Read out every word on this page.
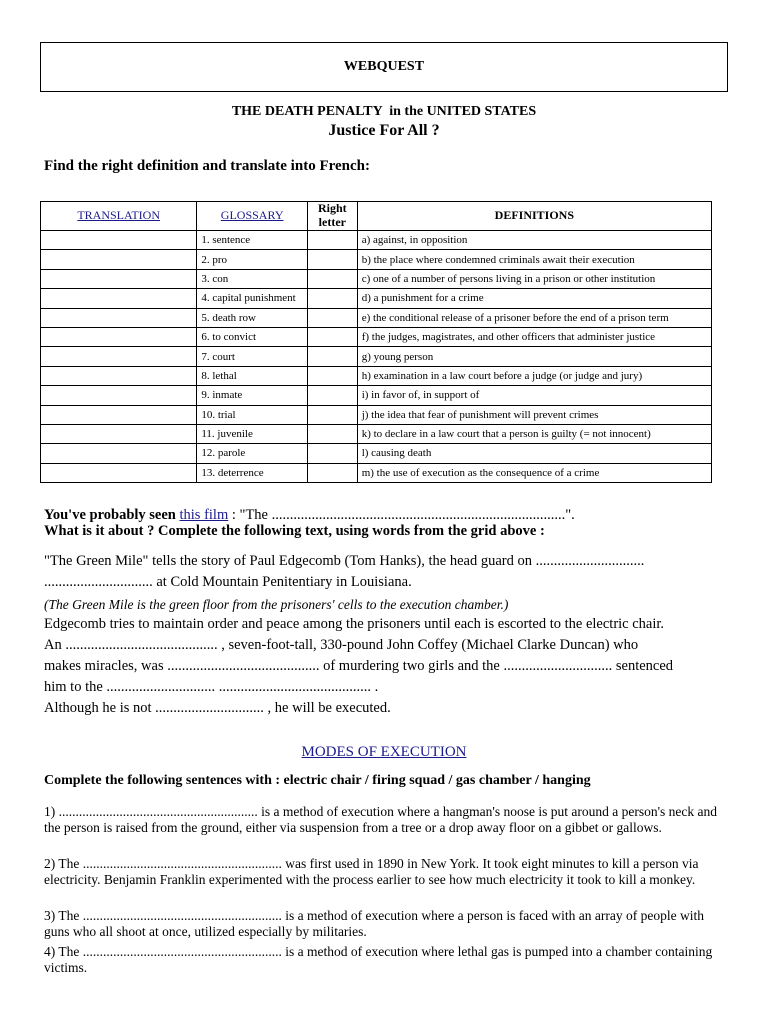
WEBQUEST
THE DEATH PENALTY  in the UNITED STATES
Justice For All ?
Find the right definition and translate into French:
TRANSLATION	GLOSSARY	Right letter	DEFINITIONS
	1. sentence		a) against, in opposition
	2. pro		b) the place where condemned criminals await their execution
	3. con		c) one of a number of persons living in a prison or other institution
	4. capital punishment		d) a punishment for a crime
	5. death row		e) the conditional release of a prisoner before the end of a prison term
	6. to convict		f) the judges, magistrates, and other officers that administer justice
	7. court		g) young person
	8. lethal		h) examination in a law court before a judge (or judge and jury)
	9. inmate		i) in favor of, in support of
	10. trial		j) the idea that fear of punishment will prevent crimes
	11. juvenile		k) to declare in a law court that a person is guilty (= not innocent)
	12. parole		l) causing death
	13. deterrence		m) the use of execution as the consequence of a crime
You've probably seen this film : "The .................................................................................".
What is it about ? Complete the following text, using words from the grid above :
"The Green Mile" tells the story of Paul Edgecomb (Tom Hanks), the head guard on ..............................
.............................. at Cold Mountain Penitentiary in Louisiana.
(The Green Mile is the green floor from the prisoners' cells to the execution chamber.)
Edgecomb tries to maintain order and peace among the prisoners until each is escorted to the electric chair.
An .......................................... , seven-foot-tall, 330-pound John Coffey (Michael Clarke Duncan) who
makes miracles, was .......................................... of murdering two girls and the .............................. sentenced
him to the .............................. .......................................... .
Although he is not .............................. , he will be executed.
MODES OF EXECUTION
Complete the following sentences with : electric chair / firing squad / gas chamber / hanging
1) ........................................................... is a method of execution where a hangman's noose is put around a person's neck and the person is raised from the ground, either via suspension from a tree or a drop away floor on a gibbet or gallows.
2) The ........................................................... was first used in 1890 in New York. It took eight minutes to kill a person via electricity. Benjamin Franklin experimented with the process earlier to see how much electricity it took to kill a monkey.
3) The ........................................................... is a method of execution where a person is faced with an array of people with guns who all shoot at once, utilized especially by militaries.
4) The ........................................................... is a method of execution where lethal gas is pumped into a chamber containing victims.
